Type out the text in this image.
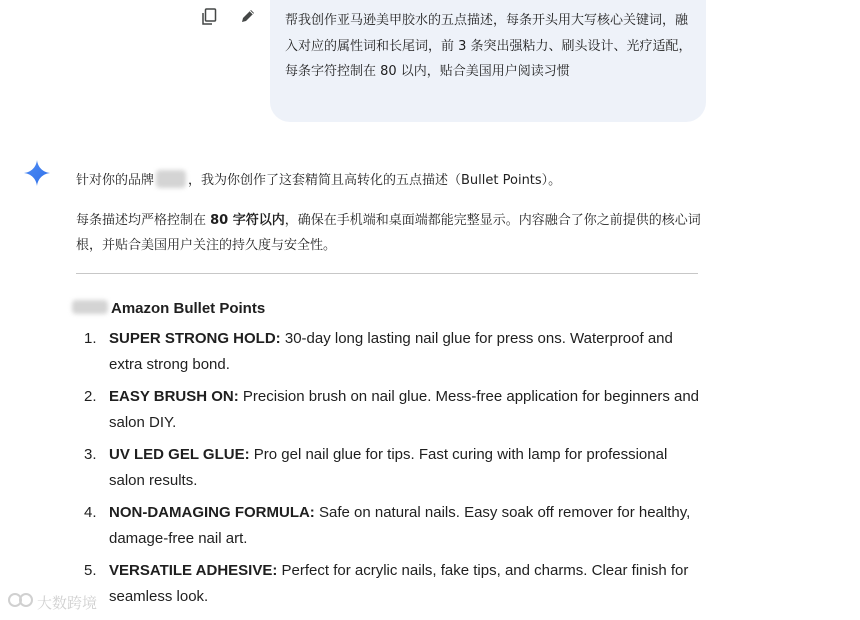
帮我创作亚马逊美甲胶水的五点描述，每条开头用大写核心关键词，融入对应的属性词和长尾词，前 3 条突出强粘力、刷头设计、光疗适配，每条字符控制在 80 以内，贴合美国用户阅读习惯
针对你的品牌	，我为你创作了这套精简且高转化的五点描述（Bullet Points）。
每条描述均严格控制在 80 字符以内，确保在手机端和桌面端都能完整显示。内容融合了你之前提供的核心词根，并贴合美国用户关注的持久度与安全性。
Amazon Bullet Points
1. SUPER STRONG HOLD: 30-day long lasting nail glue for press ons. Waterproof and extra strong bond.
2. EASY BRUSH ON: Precision brush on nail glue. Mess-free application for beginners and salon DIY.
3. UV LED GEL GLUE: Pro gel nail glue for tips. Fast curing with lamp for professional salon results.
4. NON-DAMAGING FORMULA: Safe on natural nails. Easy soak off remover for healthy, damage-free nail art.
5. VERSATILE ADHESIVE: Perfect for acrylic nails, fake tips, and charms. Clear finish for seamless look.
大数跨境
